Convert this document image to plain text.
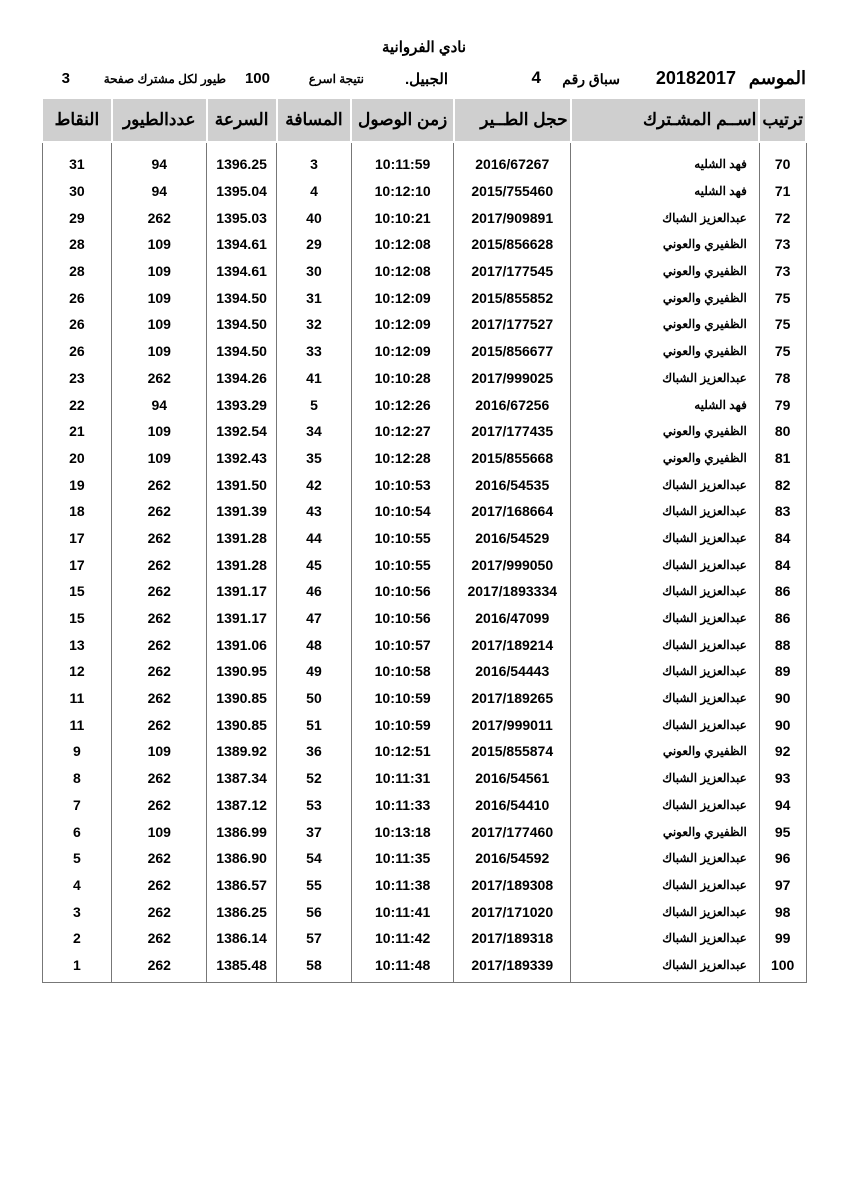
نادي الفروانية
الموسم
20182017
سباق رقم
4
الجبيل.
نتيجة اسرع
100
طيور لكل مشترك صفحة
3
ترتيب	اســم المشـترك	حجل الطــير	زمن الوصول	المسافة	السرعة	عددالطيور	النقاط

70	فهد الشليه	2016/67267	10:11:59	3	1396.25	94	31
71	فهد الشليه	2015/755460	10:12:10	4	1395.04	94	30
72	عبدالعزيز الشباك	2017/909891	10:10:21	40	1395.03	262	29
73	الظفيري والعوني	2015/856628	10:12:08	29	1394.61	109	28
73	الظفيري والعوني	2017/177545	10:12:08	30	1394.61	109	28
75	الظفيري والعوني	2015/855852	10:12:09	31	1394.50	109	26
75	الظفيري والعوني	2017/177527	10:12:09	32	1394.50	109	26
75	الظفيري والعوني	2015/856677	10:12:09	33	1394.50	109	26
78	عبدالعزيز الشباك	2017/999025	10:10:28	41	1394.26	262	23
79	فهد الشليه	2016/67256	10:12:26	5	1393.29	94	22
80	الظفيري والعوني	2017/177435	10:12:27	34	1392.54	109	21
81	الظفيري والعوني	2015/855668	10:12:28	35	1392.43	109	20
82	عبدالعزيز الشباك	2016/54535	10:10:53	42	1391.50	262	19
83	عبدالعزيز الشباك	2017/168664	10:10:54	43	1391.39	262	18
84	عبدالعزيز الشباك	2016/54529	10:10:55	44	1391.28	262	17
84	عبدالعزيز الشباك	2017/999050	10:10:55	45	1391.28	262	17
86	عبدالعزيز الشباك	2017/1893334	10:10:56	46	1391.17	262	15
86	عبدالعزيز الشباك	2016/47099	10:10:56	47	1391.17	262	15
88	عبدالعزيز الشباك	2017/189214	10:10:57	48	1391.06	262	13
89	عبدالعزيز الشباك	2016/54443	10:10:58	49	1390.95	262	12
90	عبدالعزيز الشباك	2017/189265	10:10:59	50	1390.85	262	11
90	عبدالعزيز الشباك	2017/999011	10:10:59	51	1390.85	262	11
92	الظفيري والعوني	2015/855874	10:12:51	36	1389.92	109	9
93	عبدالعزيز الشباك	2016/54561	10:11:31	52	1387.34	262	8
94	عبدالعزيز الشباك	2016/54410	10:11:33	53	1387.12	262	7
95	الظفيري والعوني	2017/177460	10:13:18	37	1386.99	109	6
96	عبدالعزيز الشباك	2016/54592	10:11:35	54	1386.90	262	5
97	عبدالعزيز الشباك	2017/189308	10:11:38	55	1386.57	262	4
98	عبدالعزيز الشباك	2017/171020	10:11:41	56	1386.25	262	3
99	عبدالعزيز الشباك	2017/189318	10:11:42	57	1386.14	262	2
100	عبدالعزيز الشباك	2017/189339	10:11:48	58	1385.48	262	1
